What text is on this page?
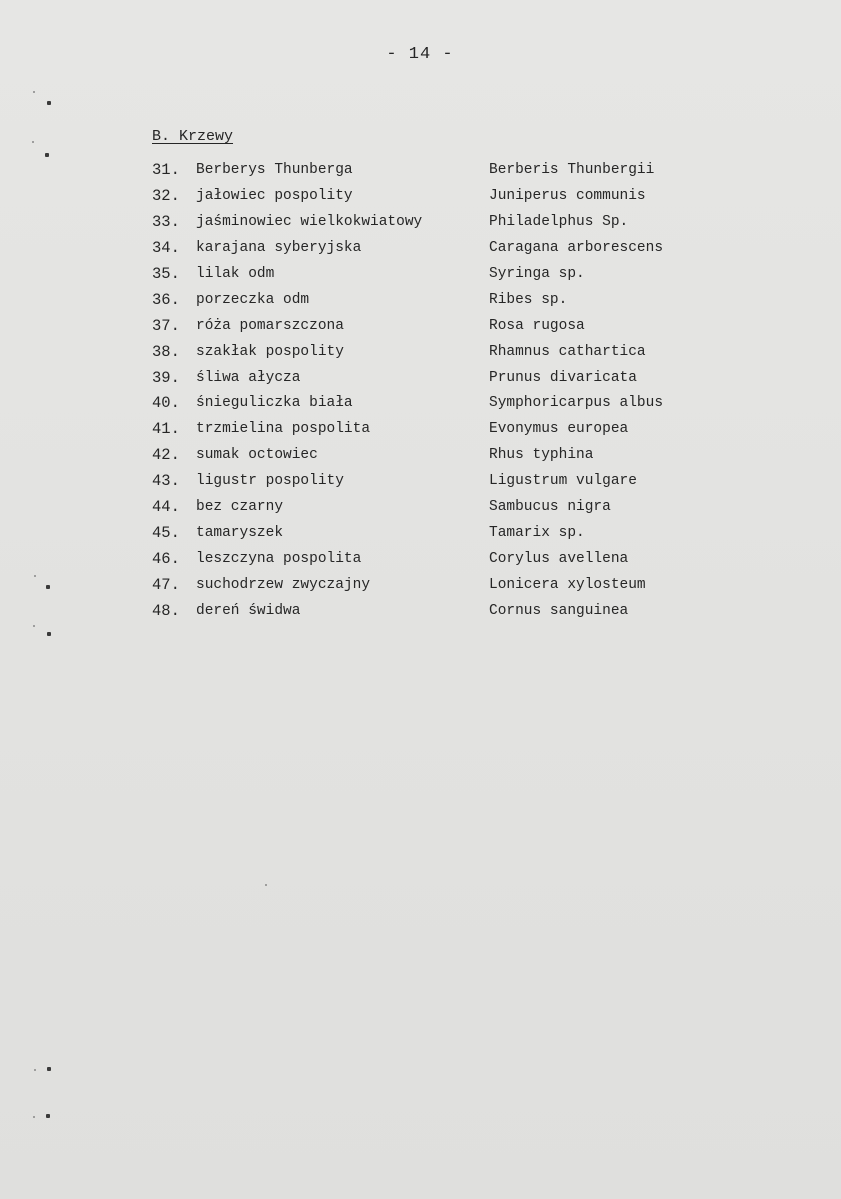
- 14 -
B. Krzewy
31. Berberys Thunberga	Berberis Thunbergii
32. jałowiec pospolity	Juniperus communis
33. jaśminowiec wielkokwiatowy	Philadelphus Sp.
34. karajana syberyjska	Caragana arborescens
35. lilak odm	Syringa sp.
36. porzeczka odm	Ribes sp.
37. róża pomarszczona	Rosa rugosa
38. szakłak pospolity	Rhamnus cathartica
39. śliwa ałycza	Prunus divaricata
40. śnieguliczka biała	Symphoricarpus albus
41. trzmielina pospolita	Evonymus europea
42. sumak octowiec	Rhus typhina
43. ligustr pospolity	Ligustrum vulgare
44. bez czarny	Sambucus nigra
45. tamaryszek	Tamarix sp.
46. leszczyna pospolita	Corylus avellena
47. suchodrzew zwyczajny	Lonicera xylosteum
48. dereń świdwa	Cornus sanguinea
